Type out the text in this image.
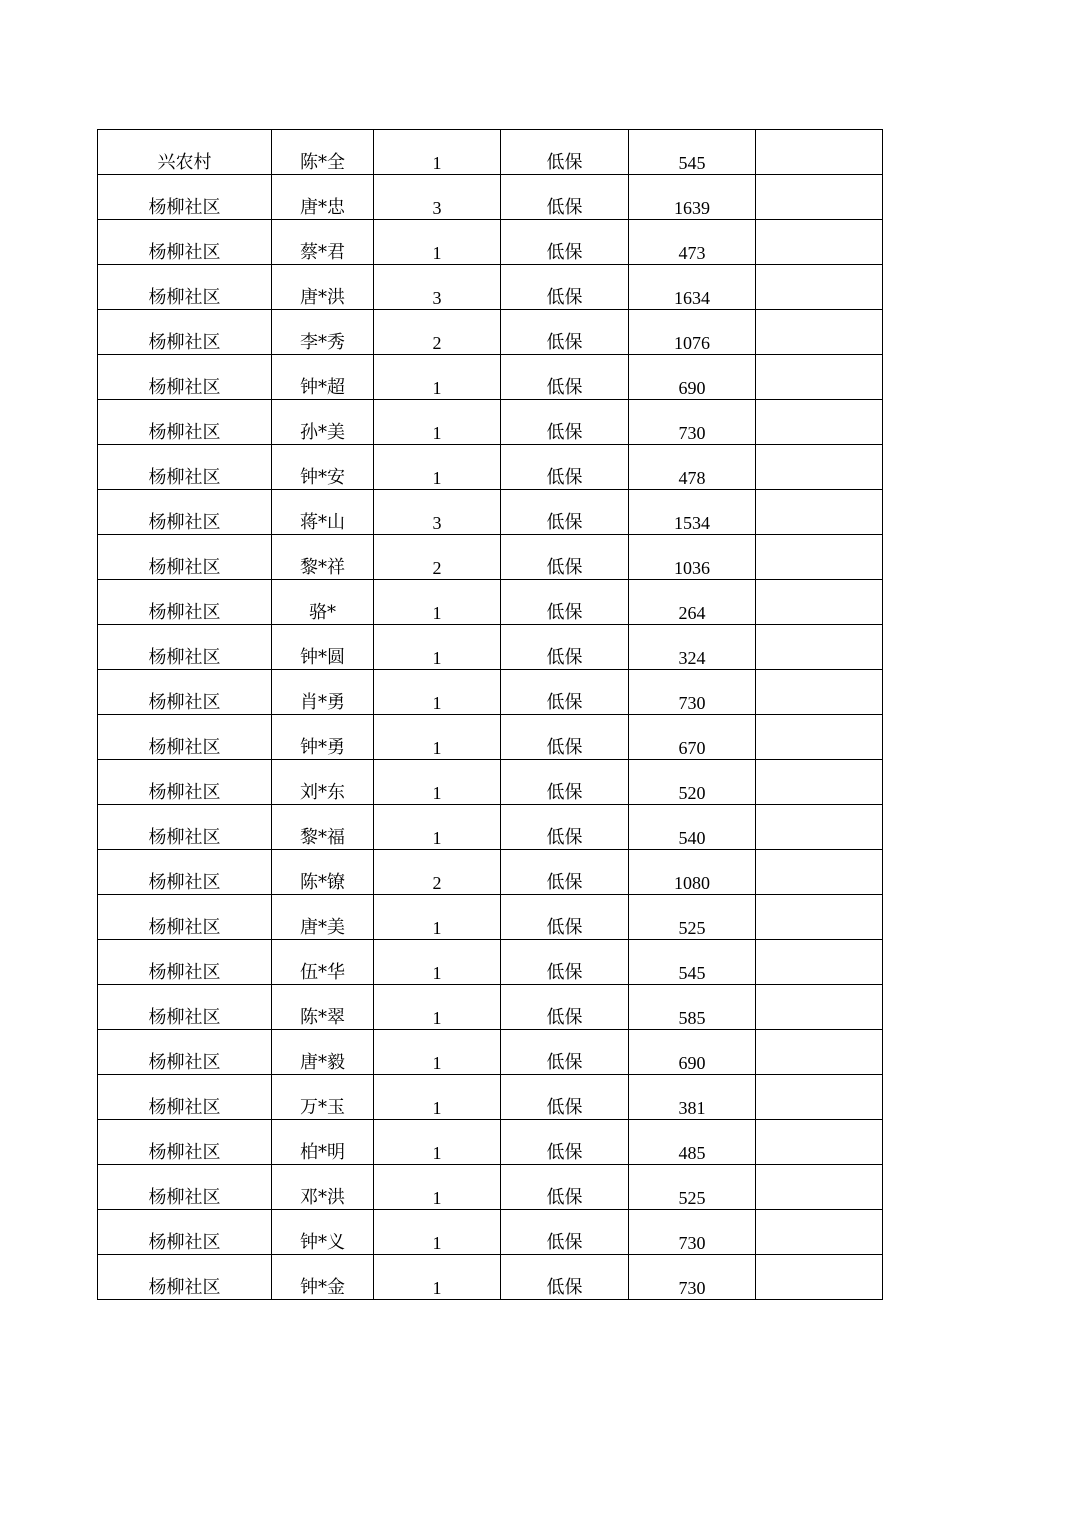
兴农村	陈*全	1	低保	545	
杨柳社区	唐*忠	3	低保	1639	
杨柳社区	蔡*君	1	低保	473	
杨柳社区	唐*洪	3	低保	1634	
杨柳社区	李*秀	2	低保	1076	
杨柳社区	钟*超	1	低保	690	
杨柳社区	孙*美	1	低保	730	
杨柳社区	钟*安	1	低保	478	
杨柳社区	蒋*山	3	低保	1534	
杨柳社区	黎*祥	2	低保	1036	
杨柳社区	骆*	1	低保	264	
杨柳社区	钟*圆	1	低保	324	
杨柳社区	肖*勇	1	低保	730	
杨柳社区	钟*勇	1	低保	670	
杨柳社区	刘*东	1	低保	520	
杨柳社区	黎*福	1	低保	540	
杨柳社区	陈*镣	2	低保	1080	
杨柳社区	唐*美	1	低保	525	
杨柳社区	伍*华	1	低保	545	
杨柳社区	陈*翠	1	低保	585	
杨柳社区	唐*毅	1	低保	690	
杨柳社区	万*玉	1	低保	381	
杨柳社区	柏*明	1	低保	485	
杨柳社区	邓*洪	1	低保	525	
杨柳社区	钟*义	1	低保	730	
杨柳社区	钟*金	1	低保	730	
